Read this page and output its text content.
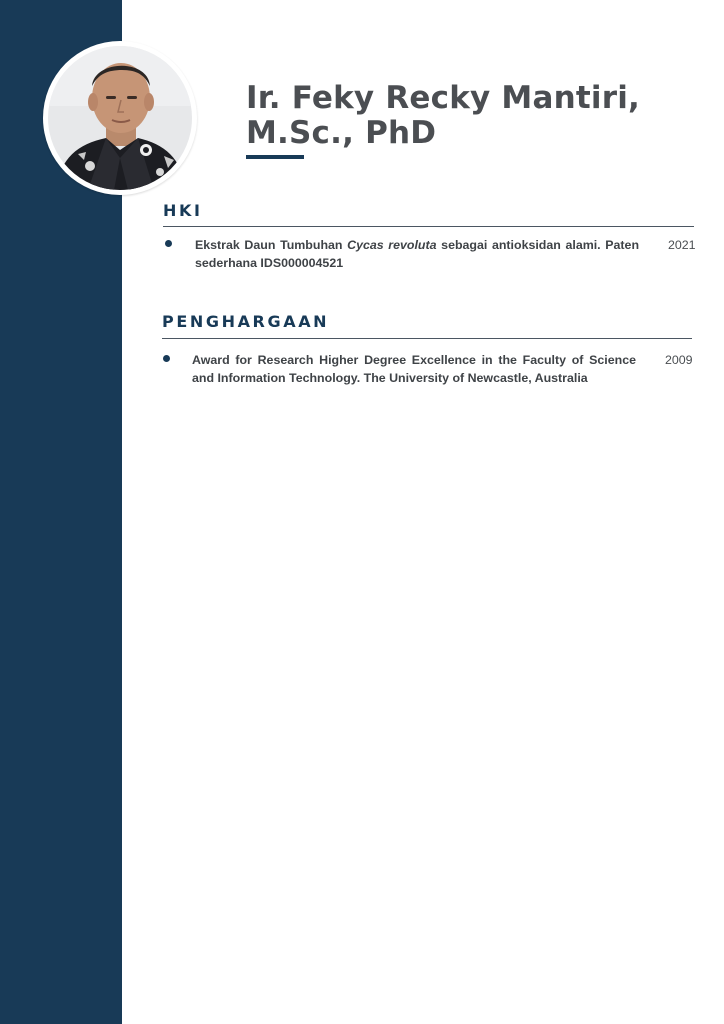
Ir. Feky Recky Mantiri,
M.Sc., PhD
HKI

Ekstrak Daun Tumbuhan Cycas revoluta sebagai antioksidan alami. Paten sederhana IDS000004521

2021
PENGHARGAAN

Award for Research Higher Degree Excellence in the Faculty of Science and Information Technology. The University of Newcastle, Australia

2009
